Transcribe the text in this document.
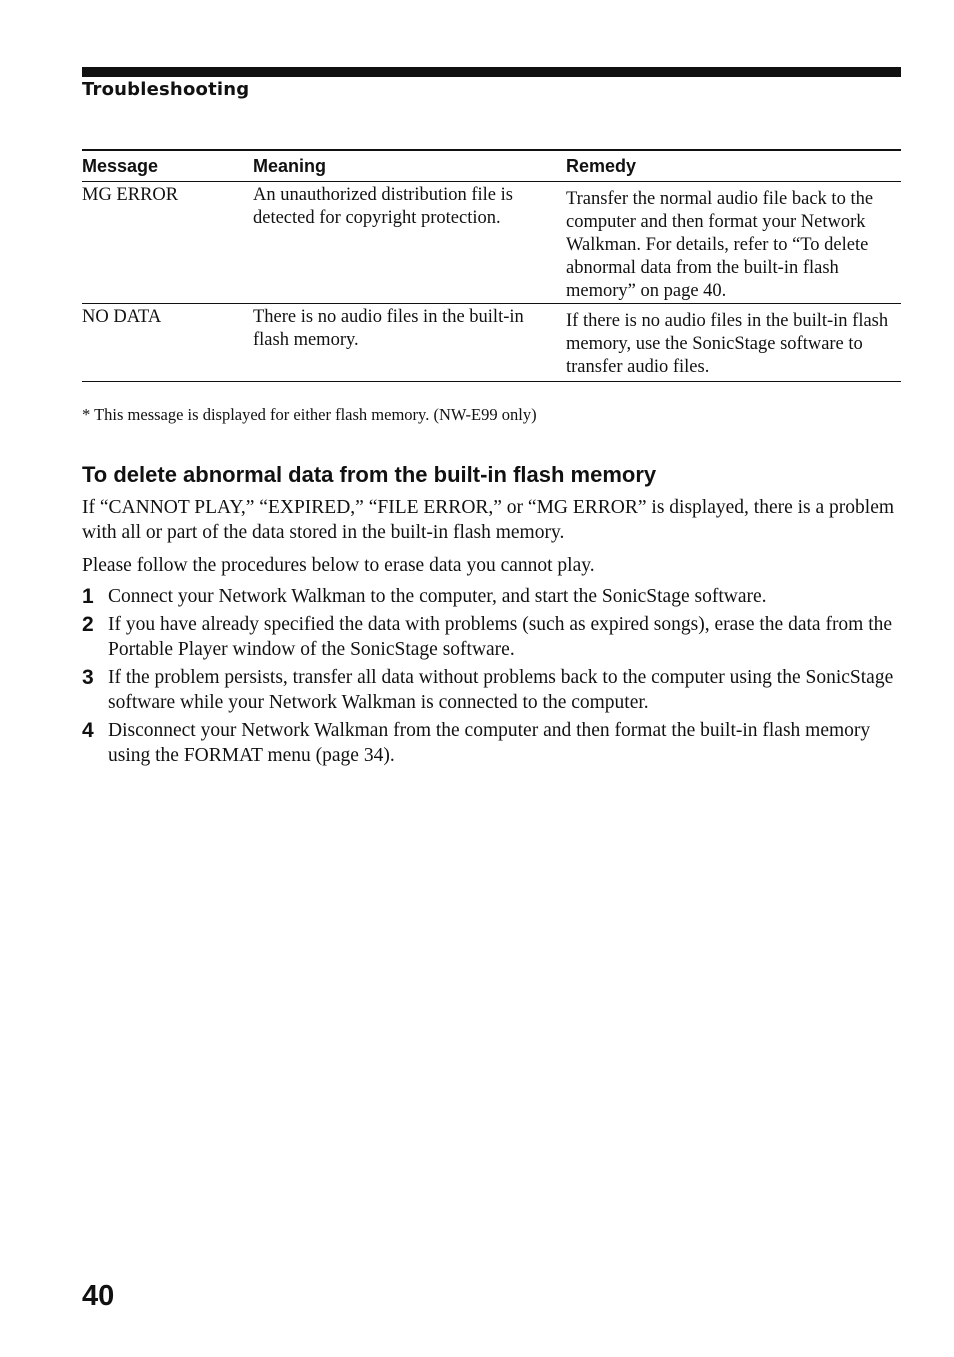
Troubleshooting
Message	Meaning	Remedy
MG ERROR	An unauthorized distribution file is detected for copyright protection.	Transfer the normal audio file back to the computer and then format your Network Walkman. For details, refer to “To delete abnormal data from the built-in flash memory” on page 40.
NO DATA	There is no audio files in the built-in flash memory.	If there is no audio files in the built-in flash memory, use the SonicStage software to transfer audio files.
* This message is displayed for either flash memory. (NW-E99 only)
To delete abnormal data from the built-in flash memory
If “CANNOT PLAY,” “EXPIRED,” “FILE ERROR,” or “MG ERROR” is displayed, there is a problem with all or part of the data stored in the built-in flash memory.
Please follow the procedures below to erase data you cannot play.
1 Connect your Network Walkman to the computer, and start the SonicStage software.
2 If you have already specified the data with problems (such as expired songs), erase the data from the Portable Player window of the SonicStage software.
3 If the problem persists, transfer all data without problems back to the computer using the SonicStage software while your Network Walkman is connected to the computer.
4 Disconnect your Network Walkman from the computer and then format the built-in flash memory using the FORMAT menu (page 34).
40
